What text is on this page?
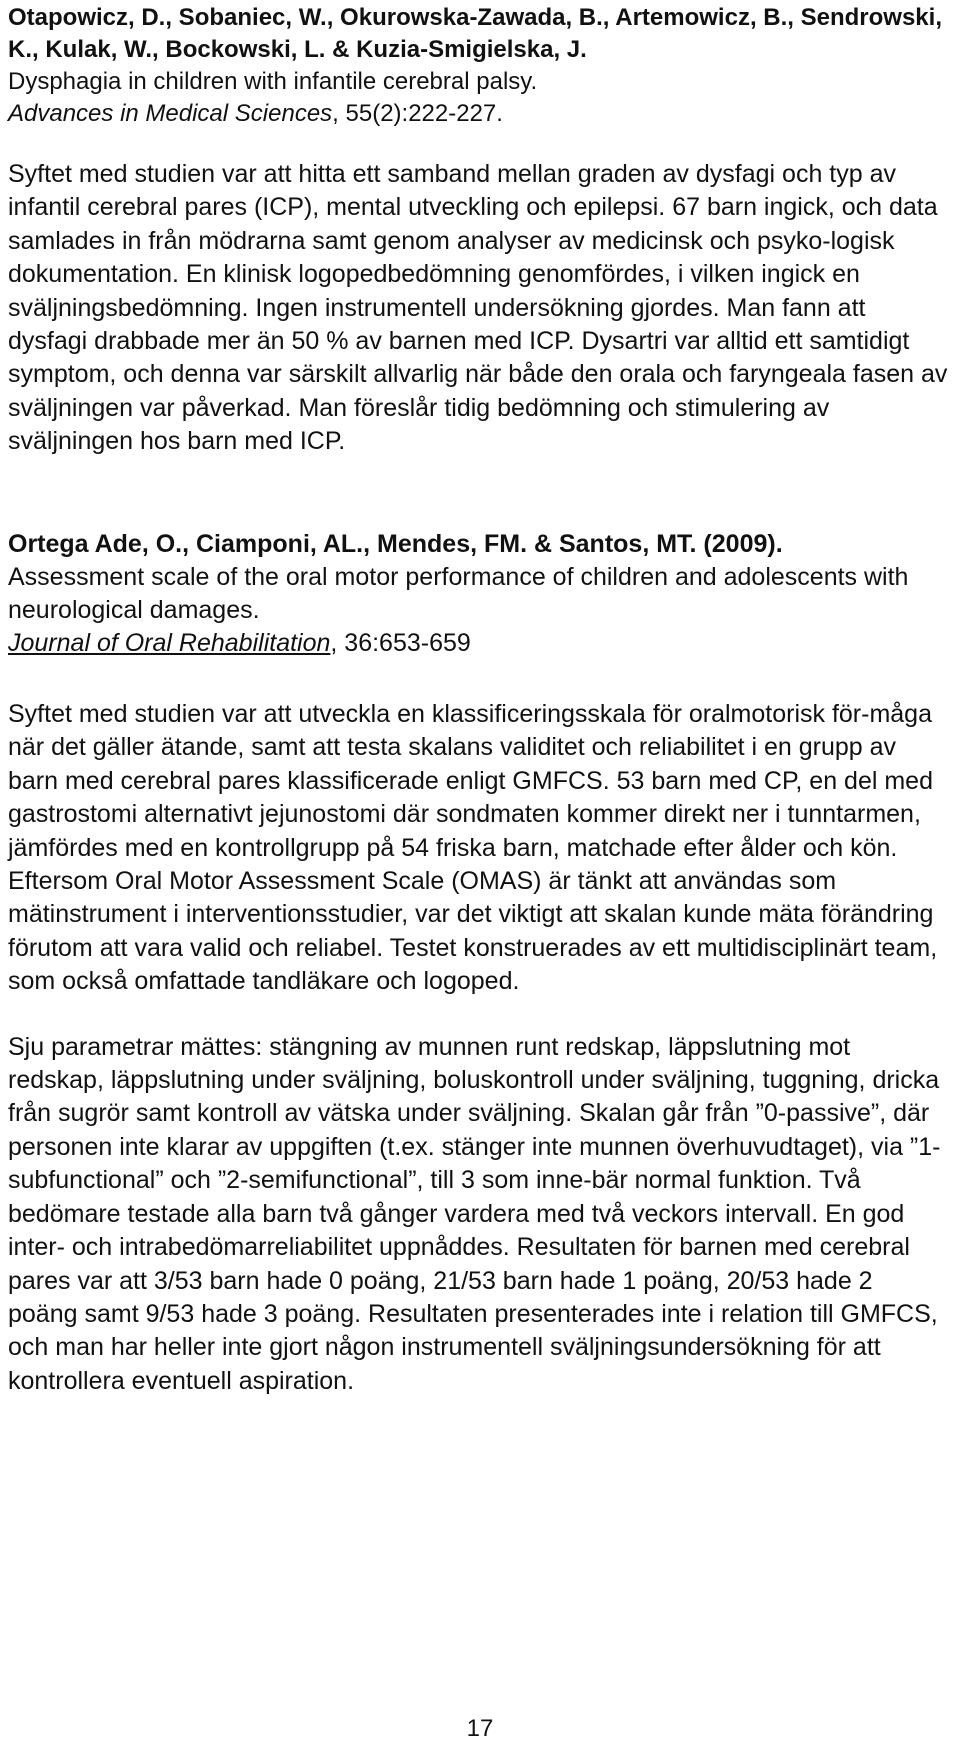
Otapowicz, D., Sobaniec, W., Okurowska-Zawada, B., Artemowicz, B., Sendrowski, K., Kulak, W., Bockowski, L. & Kuzia-Smigielska, J.

Dysphagia in children with infantile cerebral palsy.

Advances in Medical Sciences, 55(2):222-227.

Syftet med studien var att hitta ett samband mellan graden av dysfagi och typ av infantil cerebral pares (ICP), mental utveckling och epilepsi. 67 barn ingick, och data samlades in från mödrarna samt genom analyser av medicinsk och psyko-logisk dokumentation. En klinisk logopedbedömning genomfördes, i vilken ingick en sväljningsbedömning. Ingen instrumentell undersökning gjordes. Man fann att dysfagi drabbade mer än 50 % av barnen med ICP. Dysartri var alltid ett samtidigt symptom, och denna var särskilt allvarlig när både den orala och faryngeala fasen av sväljningen var påverkad. Man föreslår tidig bedömning och stimulering av sväljningen hos barn med ICP.

Ortega Ade, O., Ciamponi, AL., Mendes, FM. & Santos, MT. (2009).

Assessment scale of the oral motor performance of children and adolescents with neurological damages.

Journal of Oral Rehabilitation, 36:653-659

Syftet med studien var att utveckla en klassificeringsskala för oralmotorisk för-måga när det gäller ätande, samt att testa skalans validitet och reliabilitet i en grupp av barn med cerebral pares klassificerade enligt GMFCS. 53 barn med CP, en del med gastrostomi alternativt jejunostomi där sondmaten kommer direkt ner i tunntarmen, jämfördes med en kontrollgrupp på 54 friska barn, matchade efter ålder och kön. Eftersom Oral Motor Assessment Scale (OMAS) är tänkt att användas som mätinstrument i interventionsstudier, var det viktigt att skalan kunde mäta förändring förutom att vara valid och reliabel. Testet konstruerades av ett multidisciplinärt team, som också omfattade tandläkare och logoped.

Sju parametrar mättes: stängning av munnen runt redskap, läppslutning mot redskap, läppslutning under sväljning, boluskontroll under sväljning, tuggning, dricka från sugrör samt kontroll av vätska under sväljning. Skalan går från ”0-passive”, där personen inte klarar av uppgiften (t.ex. stänger inte munnen överhuvudtaget), via ”1- subfunctional” och ”2-semifunctional”, till 3 som inne-bär normal funktion. Två bedömare testade alla barn två gånger vardera med två veckors intervall. En god inter- och intrabedömarreliabilitet uppnåddes. Resultaten för barnen med cerebral pares var att 3/53 barn hade 0 poäng, 21/53 barn hade 1 poäng, 20/53 hade 2 poäng samt 9/53 hade 3 poäng. Resultaten presenterades inte i relation till GMFCS, och man har heller inte gjort någon instrumentell sväljningsundersökning för att kontrollera eventuell aspiration.

17
